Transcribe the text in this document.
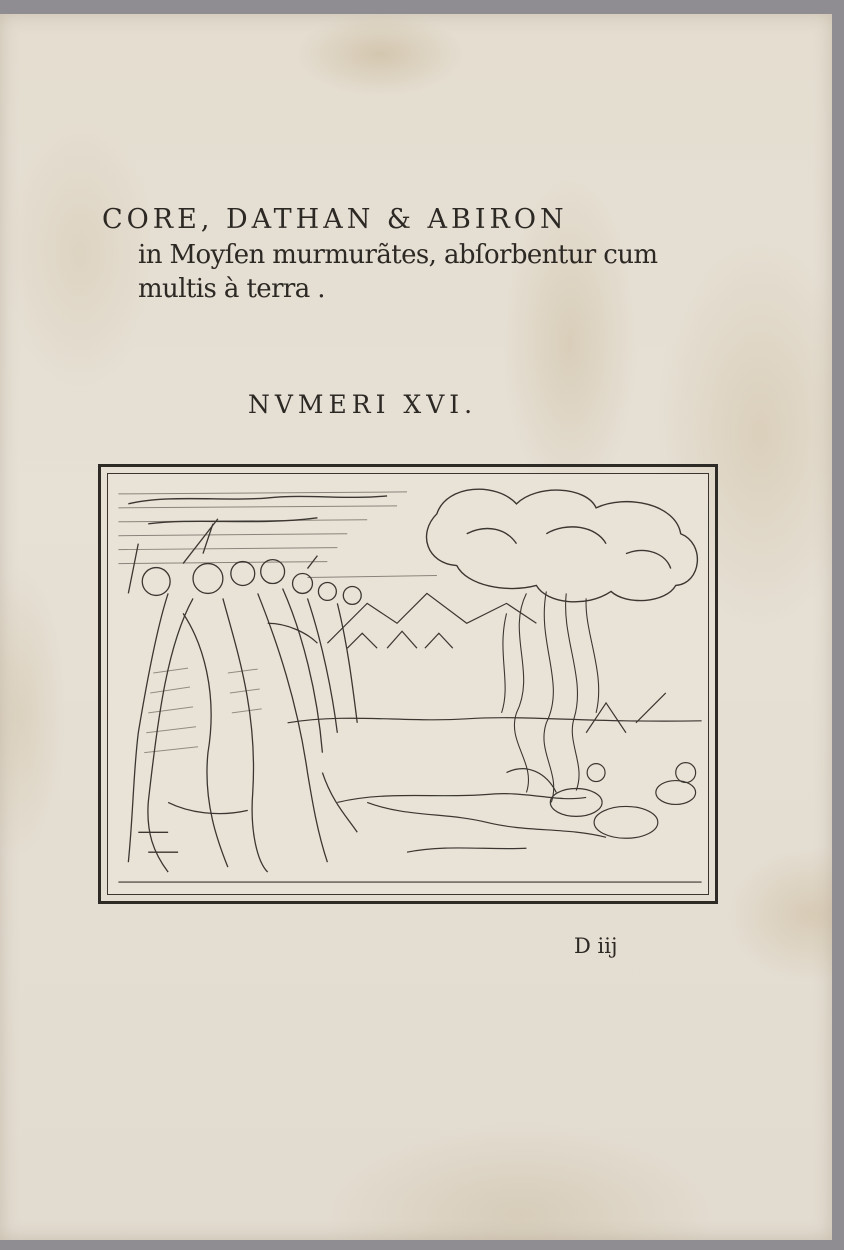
CORE, DATHAN & ABIRON
in Moyſen murmurãtes, abſorbentur cum
multis à terra .
NVMERI XVI.
D iij
